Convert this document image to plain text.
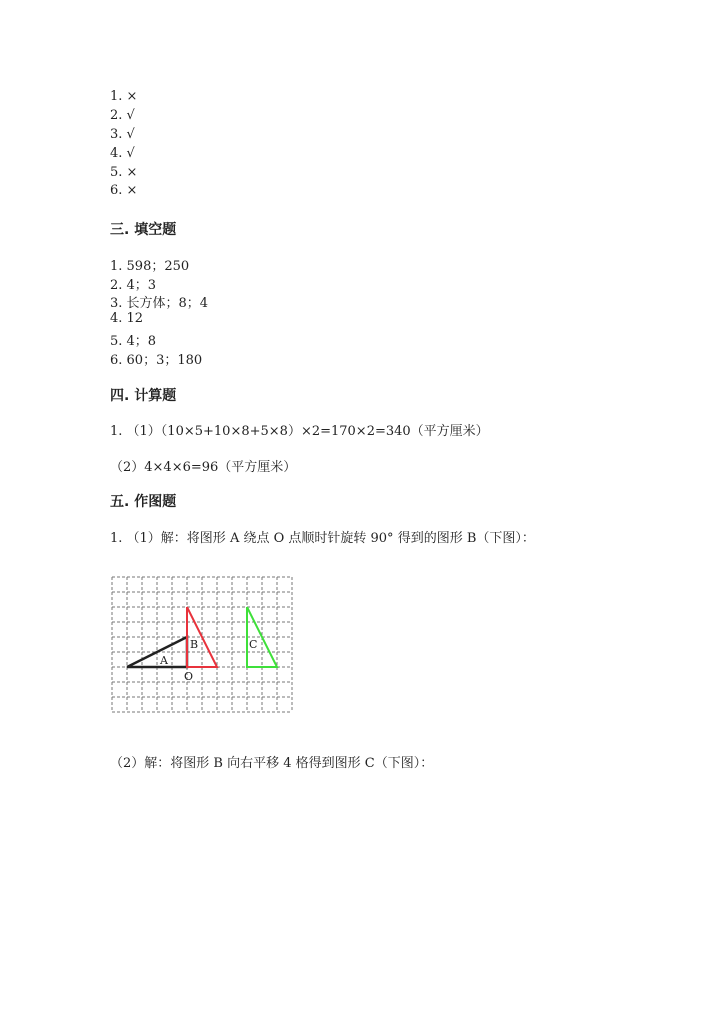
1. ×
2. √
3. √
4. √
5. ×
6. ×
三. 填空题
1. 598；250
2. 4；3
3. 长方体；8；4
4. 12
5. 4；8
6. 60；3；180
四. 计算题
1. （1）（10×5+10×8+5×8）×2=170×2=340（平方厘米）
（2）4×4×6=96（平方厘米）
五. 作图题
1. （1）解：将图形 A 绕点 O 点顺时针旋转 90° 得到的图形 B（下图）：
A
B	C
O
（2）解：将图形 B 向右平移 4 格得到图形 C（下图）：
